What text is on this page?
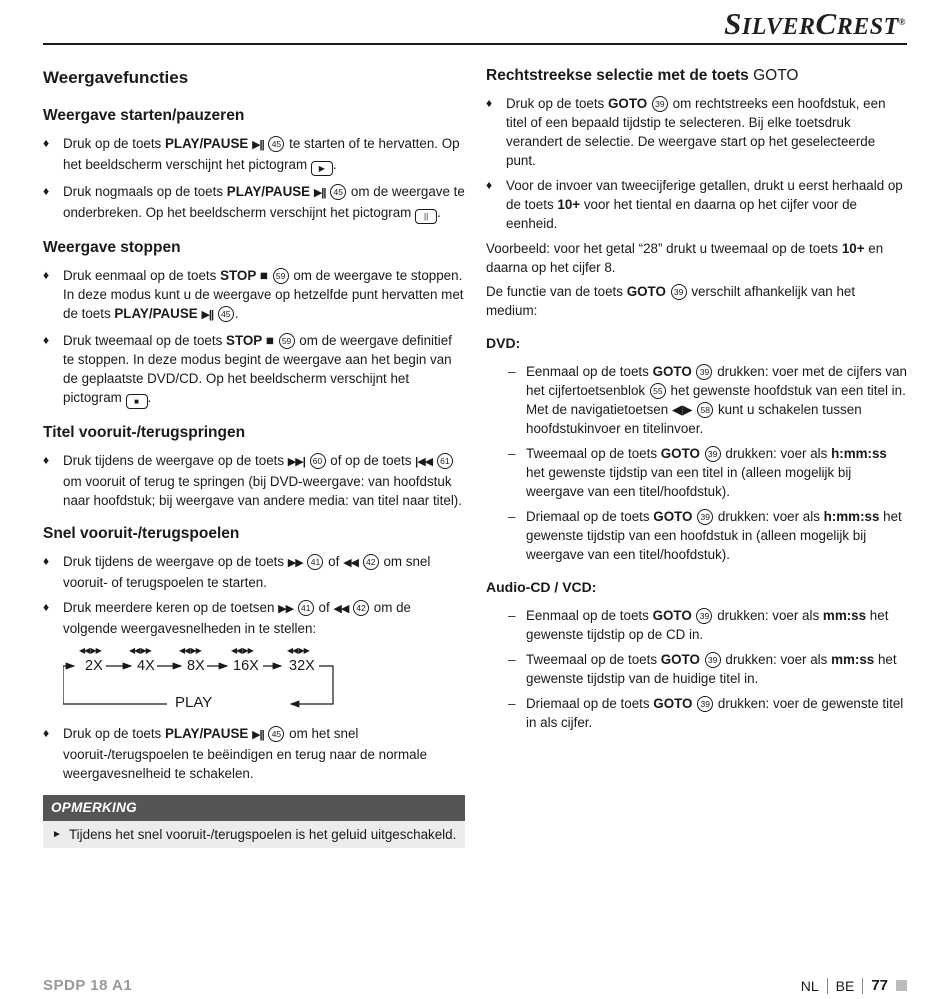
SILVERCREST®
Weergavefuncties
Weergave starten/pauzeren
♦ Druk op de toets PLAY/PAUSE ▶|| 45 te starten of te hervatten. Op het beeldscherm verschijnt het pictogram ▶ .
♦ Druk nogmaals op de toets PLAY/PAUSE ▶|| 45 om de weergave te onderbreken. Op het beeldscherm verschijnt het pictogram || .
Weergave stoppen
♦ Druk eenmaal op de toets STOP ■ 59 om de weergave te stoppen. In deze modus kunt u de weergave op hetzelfde punt hervatten met de toets PLAY/PAUSE ▶|| 45 .
♦ Druk tweemaal op de toets STOP ■ 59 om de weergave definitief te stoppen. In deze modus begint de weergave aan het begin van de geplaatste DVD/CD. Op het beeldscherm verschijnt het pictogram ■ .
Titel vooruit-/terugspringen
♦ Druk tijdens de weergave op de toets ▶▶| 60 of op de toets |◀◀ 61 om vooruit of terug te springen (bij DVD-weergave: van hoofdstuk naar hoofdstuk; bij weergave van andere media: van titel naar titel).
Snel vooruit-/terugspoelen
♦ Druk tijdens de weergave op de toets ▶▶ 41 of ◀◀ 42 om snel vooruit- of terugspoelen te starten.
♦ Druk meerdere keren op de toetsen ▶▶ 41 of ◀◀ 42 om de volgende weergavesnelheden in te stellen:
◀◀ ▶▶	◀◀ ▶▶	◀◀ ▶▶	◀◀ ▶▶	◀◀ ▶▶
2X 4X 8X 16X 32X
PLAY
♦ Druk op de toets PLAY/PAUSE ▶|| 45 om het snel vooruit-/terugspoelen te beëindigen en terug naar de normale weergavesnelheid te schakelen.
OPMERKING
► Tijdens het snel vooruit-/terugspoelen is het geluid uitgeschakeld.
Rechtstreekse selectie met de toets GOTO
♦ Druk op de toets GOTO 39 om rechtstreeks een hoofdstuk, een titel of een bepaald tijdstip te selecteren. Bij elke toetsdruk verandert de selectie. De weergave start op het geselecteerde punt.
♦ Voor de invoer van tweecijferige getallen, drukt u eerst herhaald op de toets 10+ voor het tiental en daarna op het cijfer voor de eenheid.
Voorbeeld: voor het getal “28” drukt u tweemaal op de toets 10+ en daarna op het cijfer 8.
De functie van de toets GOTO 39 verschilt afhankelijk van het medium:
DVD:
– Eenmaal op de toets GOTO 39 drukken: voer met de cijfers van het cijfertoetsenblok 55 het gewenste hoofdstuk van een titel in. Met de navigatietoetsen ◀▶ 58 kunt u schakelen tussen hoofdstukinvoer en titelinvoer.
– Tweemaal op de toets GOTO 39 drukken: voer als h:mm:ss het gewenste tijdstip van een titel in (alleen mogelijk bij weergave van een titel/hoofdstuk).
– Driemaal op de toets GOTO 39 drukken: voer als h:mm:ss het gewenste tijdstip van een hoofdstuk in (alleen mogelijk bij weergave van een titel/hoofdstuk).
Audio-CD / VCD:
– Eenmaal op de toets GOTO 39 drukken: voer als mm:ss het gewenste tijdstip op de CD in.
– Tweemaal op de toets GOTO 39 drukken: voer als mm:ss het gewenste tijdstip van de huidige titel in.
– Driemaal op de toets GOTO 39 drukken: voer de gewenste titel in als cijfer.
SPDP 18 A1	NL BE 77
